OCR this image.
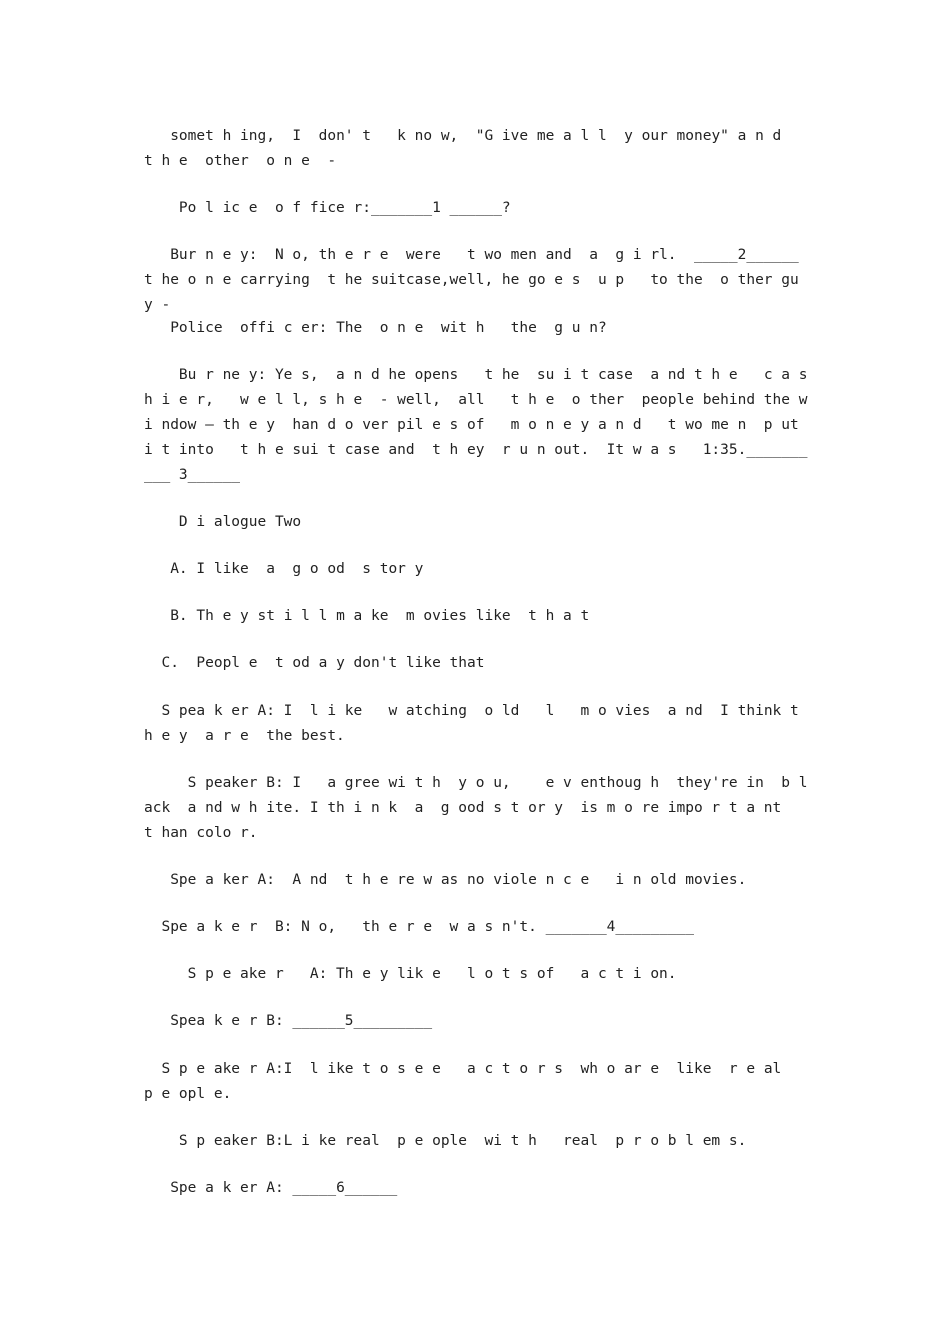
somet h ing,  I  don' t   k no w,  "G ive me a l l  y our money" a n d   t h e  other  o n e  -

Po l ic e  o f fice r:_______1 ______?

Bur n e y:  N o, th e r e  were   t wo men and  a  g i rl.  _____2______ t he o n e carrying  t he suitcase,well, he go e s  u p   to the  o ther gu y -

Police  offi c er: The  o n e  wit h   the  g u n?

Bu r ne y: Ye s,  a n d he opens   t he  su i t case  a nd t h e   c a s h i e r,   w e l l, s h e  - well,  all   t h e  o ther  people behind the w i ndow — th e y  han d o ver pil e s of   m o n e y a n d   t wo me n  p ut   i t into   t h e sui t case and  t h ey  r u n out.  It w a s   1:35.__________ 3______

D i alogue Two

A. I like  a  g o od  s tor y

B. Th e y st i l l m a ke  m ovies like  t h a t

C.  Peopl e  t od a y don't like that

S pea k er A: I  l i ke   w atching  o ld   l   m o vies  a nd  I think t h e y  a r e  the best.

S peaker B: I   a gree wi t h  y o u,    e v enthoug h  they're in  b l ack  a nd w h ite. I th i n k  a  g ood s t or y  is m o re impo r t a nt   t han colo r.

Spe a ker A:  A nd  t h e re w as no viole n c e   i n old movies.

Spe a k e r  B: N o,   th e r e  w a s n't. _______4_________

S p e ake r   A: Th e y lik e   l o t s of   a c t i on.

Spea k e r B: ______5_________

S p e ake r A:I  l ike t o s e e   a c t o r s  wh o ar e  like  r e al   p e opl e.

S p eaker B:L i ke real  p e ople  wi t h   real  p r o b l em s.

Spe a k er A: _____6______
